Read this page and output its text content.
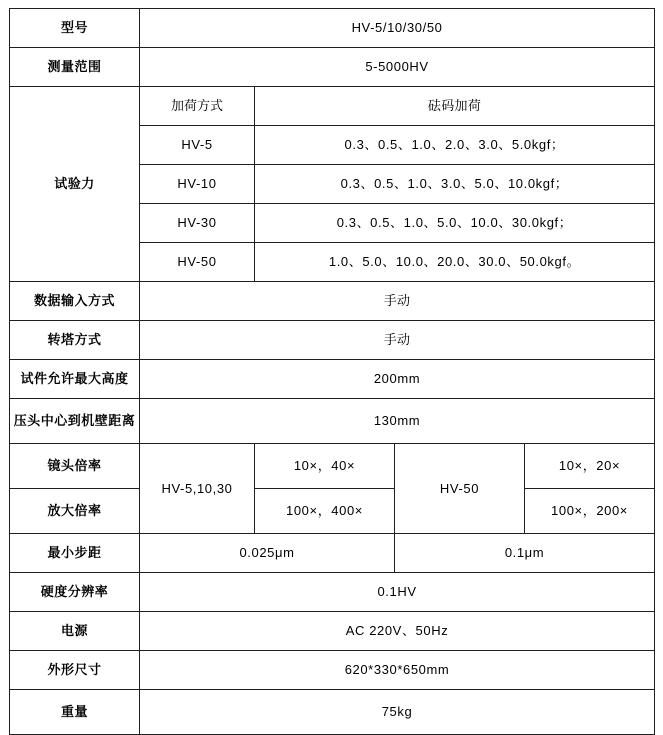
型号	HV-5/10/30/50			
测量范围	5-5000HV			
试验力	加荷方式	砝码加荷		
	HV-5	0.3、0.5、1.0、2.0、3.0、5.0kgf；		
	HV-10	0.3、0.5、1.0、3.0、5.0、10.0kgf；		
	HV-30	0.3、0.5、1.0、5.0、10.0、30.0kgf；		
	HV-50	1.0、5.0、10.0、20.0、30.0、50.0kgf。		
数据输入方式	手动			
转塔方式	手动			
试件允许最大高度	200mm			
压头中心到机壁距离	130mm			
镜头倍率	HV-5,10,30	10×，40×	HV-50	10×，20×
放大倍率		100×，400×		100×，200×
最小步距	0.025μm		0.1μm	
硬度分辨率	0.1HV			
电源	AC 220V、50Hz			
外形尺寸	620*330*650mm			
重量	75kg			
